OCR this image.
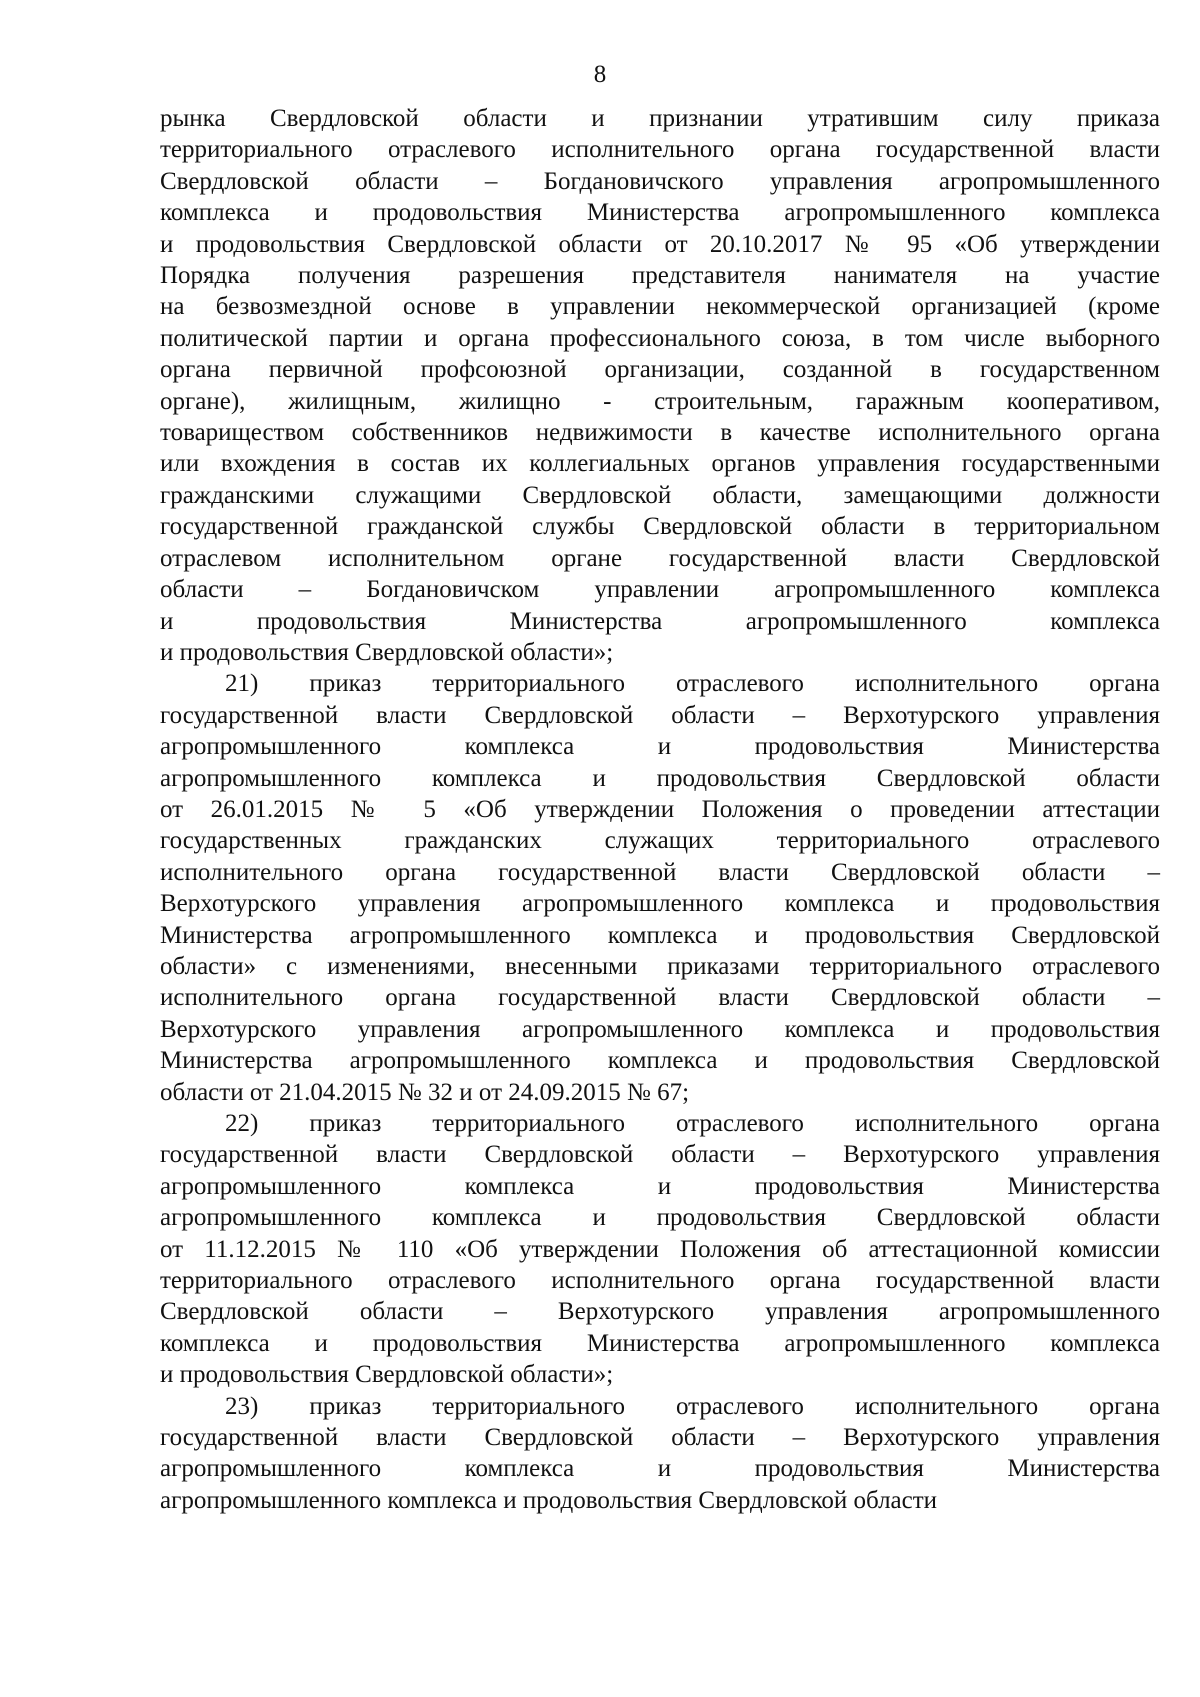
8
рынка Свердловской области и признании утратившим силу приказа
территориального отраслевого исполнительного органа государственной власти
Свердловской области – Богдановичского управления агропромышленного
комплекса и продовольствия Министерства агропромышленного комплекса
и продовольствия Свердловской области от 20.10.2017 № 95 «Об утверждении
Порядка получения разрешения представителя нанимателя на участие
на безвозмездной основе в управлении некоммерческой организацией (кроме
политической партии и органа профессионального союза, в том числе выборного
органа первичной профсоюзной организации, созданной в государственном
органе), жилищным, жилищно - строительным, гаражным кооперативом,
товариществом собственников недвижимости в качестве исполнительного органа
или вхождения в состав их коллегиальных органов управления государственными
гражданскими служащими Свердловской области, замещающими должности
государственной гражданской службы Свердловской области в территориальном
отраслевом исполнительном органе государственной власти Свердловской
области – Богдановичском управлении агропромышленного комплекса
и продовольствия Министерства агропромышленного комплекса
и продовольствия Свердловской области»;
21) приказ территориального отраслевого исполнительного органа
государственной власти Свердловской области – Верхотурского управления
агропромышленного комплекса и продовольствия Министерства
агропромышленного комплекса и продовольствия Свердловской области
от 26.01.2015 № 5 «Об утверждении Положения о проведении аттестации
государственных гражданских служащих территориального отраслевого
исполнительного органа государственной власти Свердловской области –
Верхотурского управления агропромышленного комплекса и продовольствия
Министерства агропромышленного комплекса и продовольствия Свердловской
области» с изменениями, внесенными приказами территориального отраслевого
исполнительного органа государственной власти Свердловской области –
Верхотурского управления агропромышленного комплекса и продовольствия
Министерства агропромышленного комплекса и продовольствия Свердловской
области от 21.04.2015 № 32 и от 24.09.2015 № 67;
22) приказ территориального отраслевого исполнительного органа
государственной власти Свердловской области – Верхотурского управления
агропромышленного комплекса и продовольствия Министерства
агропромышленного комплекса и продовольствия Свердловской области
от 11.12.2015 № 110 «Об утверждении Положения об аттестационной комиссии
территориального отраслевого исполнительного органа государственной власти
Свердловской области – Верхотурского управления агропромышленного
комплекса и продовольствия Министерства агропромышленного комплекса
и продовольствия Свердловской области»;
23) приказ территориального отраслевого исполнительного органа
государственной власти Свердловской области – Верхотурского управления
агропромышленного комплекса и продовольствия Министерства
агропромышленного комплекса и продовольствия Свердловской области
